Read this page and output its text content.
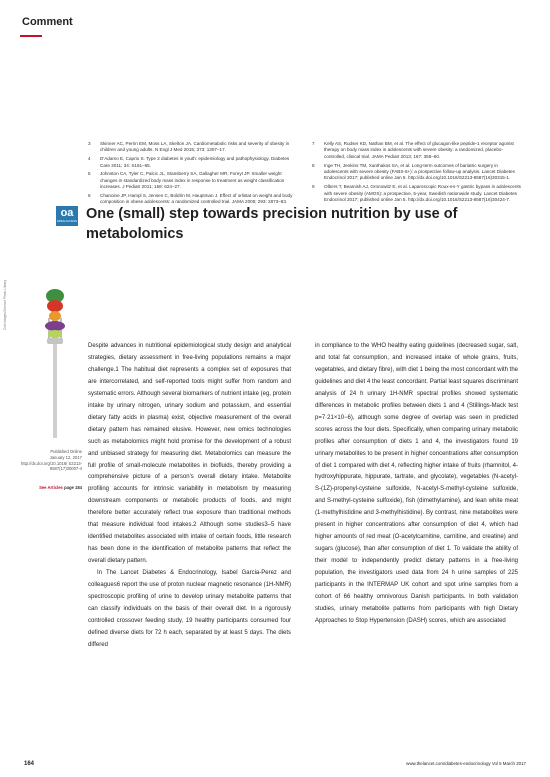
Comment
3 Skinner AC, Perrin EM, Moss LA, Skelton JA. Cardiometabolic risks and severity of obesity in children and young adults. N Engl J Med 2015; 373: 1307–17.
4 D'Adamo E, Caprio S. Type 2 diabetes in youth: epidemiology and pathophysiology. Diabetes Care 2011; 34: S161–65.
5 Johnston CA, Tyler C, Palcic JL, Stansberry SA, Gallagher MR, Foreyt JP. Smaller weight changes in standardized body mass index in response to treatment as weight classification increases. J Pediatr 2011; 158: 624–27.
6 Chanoine JP, Hampl S, Jensen C, Boldrin M, Hauptman J. Effect of orlistat on weight and body composition in obese adolescents: a randomized controlled trial. JAMA 2005; 293: 2873–83.
7 Kelly AS, Rudser KD, Nathan BM, et al. The effect of glucagon-like peptide-1 receptor agonist therapy on body mass index in adolescents with severe obesity: a randomized, placebo-controlled, clinical trial. JAMA Pediatr 2013; 167: 355–60.
8 Inge TH, Jenkins TM, Xanthakos SA, et al. Long-term outcomes of bariatric surgery in adolescents with severe obesity (FABS-5+): a prospective follow-up analysis. Lancet Diabetes Endocrinol 2017; published online Jan 5. http://dx.doi.org/10.1016/S2213-8587(16)30315-1.
9 Olbers T, Beamish AJ, Gronowitz E, et al. Laparoscopic Roux-en-Y gastric bypass in adolescents with severe obesity (AMOS): a prospective, 5-year, Swedish nationwide study. Lancet Diabetes Endocrinol 2017; published online Jan 5. http://dx.doi.org/10.1016/S2213-8587(16)30424-7.
oa
OPEN ACCESS One (small) step towards precision nutrition by use of metabolomics
Cole Images/Science Photo Library
Published Online
January 12, 2017
http://dx.doi.org/10.1016/ S2213-8587(17)30007-4
See Articles page 184

Despite advances in nutritional epidemiological study design and analytical strategies, dietary assessment in free-living populations remains a major challenge.1 The habitual diet represents a complex set of exposures that are intercorrelated, and self-reported tools might suffer from random and systematic errors. Although several biomarkers of nutrient intake (eg, protein intake by urinary nitrogen, urinary sodium and potassium, and essential dietary fatty acids in plasma) exist, objective measurement of the overall dietary pattern has remained elusive. However, new omics technologies such as metabolomics might hold promise for the development of a robust and unbiased strategy for measuring diet. Metabolomics can measure the full profile of small-molecule metabolites in biofluids, thereby providing a comprehensive picture of a person's overall dietary intake. Metabolite profiling accounts for intrinsic variability in metabolism by measuring downstream components or metabolic products of foods, and might therefore better accurately reflect true exposure than traditional methods that measure individual food intakes.2 Although some studies3–5 have identified metabolites associated with intake of certain foods, little research has been done in the identification of metabolite patterns that reflect the overall dietary pattern.

In The Lancet Diabetes & Endocrinology, Isabel Garcia-Perez and colleagues6 report the use of proton nuclear magnetic resonance (1H-NMR) spectroscopic profiling of urine to develop urinary metabolite patterns that can classify individuals on the basis of their overall diet. In a rigorously controlled crossover feeding study, 19 healthy participants consumed four defined diverse diets for 72 h each, separated by at least 5 days. The diets differed

in compliance to the WHO healthy eating guidelines (decreased sugar, salt, and total fat consumption, and increased intake of whole grains, fruits, vegetables, and dietary fibre), with diet 1 being the most concordant with the guidelines and diet 4 the least concordant. Partial least squares discriminant analysis of 24 h urinary 1H-NMR spectral profiles showed systematic differences in metabolic profiles between diets 1 and 4 (Stillings-Mack test p=7·21×10−6), although some degree of overlap was seen in predicted scores across the four diets. Specifically, when comparing urinary metabolic profiles after consumption of diets 1 and 4, the investigators found 19 urinary metabolites to be present in higher concentrations after consumption of diet 1 compared with diet 4, reflecting higher intake of fruits (rhamnitol, 4-hydroxyhippurate, hippurate, tartrate, and glycolate), vegetables (N-acetyl-S-(1Z)-propenyl-cysteine sulfoxide, N-acetyl-S-methyl-cysteine sulfoxide, and S-methyl-cysteine sulfoxide), fish (dimethylamine), and lean white meat (1-methylhistidine and 3-methylhistidine). By contrast, nine metabolites were present in higher concentrations after consumption of diet 4, which had higher amounts of red meat (O-acetylcarnitine, carnitine, and creatine) and sugars (glucose), than after consumption of diet 1. To validate the ability of their model to independently predict dietary patterns in a free-living population, the investigators used data from 24 h urine samples of 225 participants in the INTERMAP UK cohort and spot urine samples from a cohort of 66 healthy omnivorous Danish participants. In both validation studies, urinary metabolite patterns from participants with high Dietary Approaches to Stop Hypertension (DASH) scores, which are associated

164	www.thelancet.com/diabetes-endocrinology Vol 5 March 2017
